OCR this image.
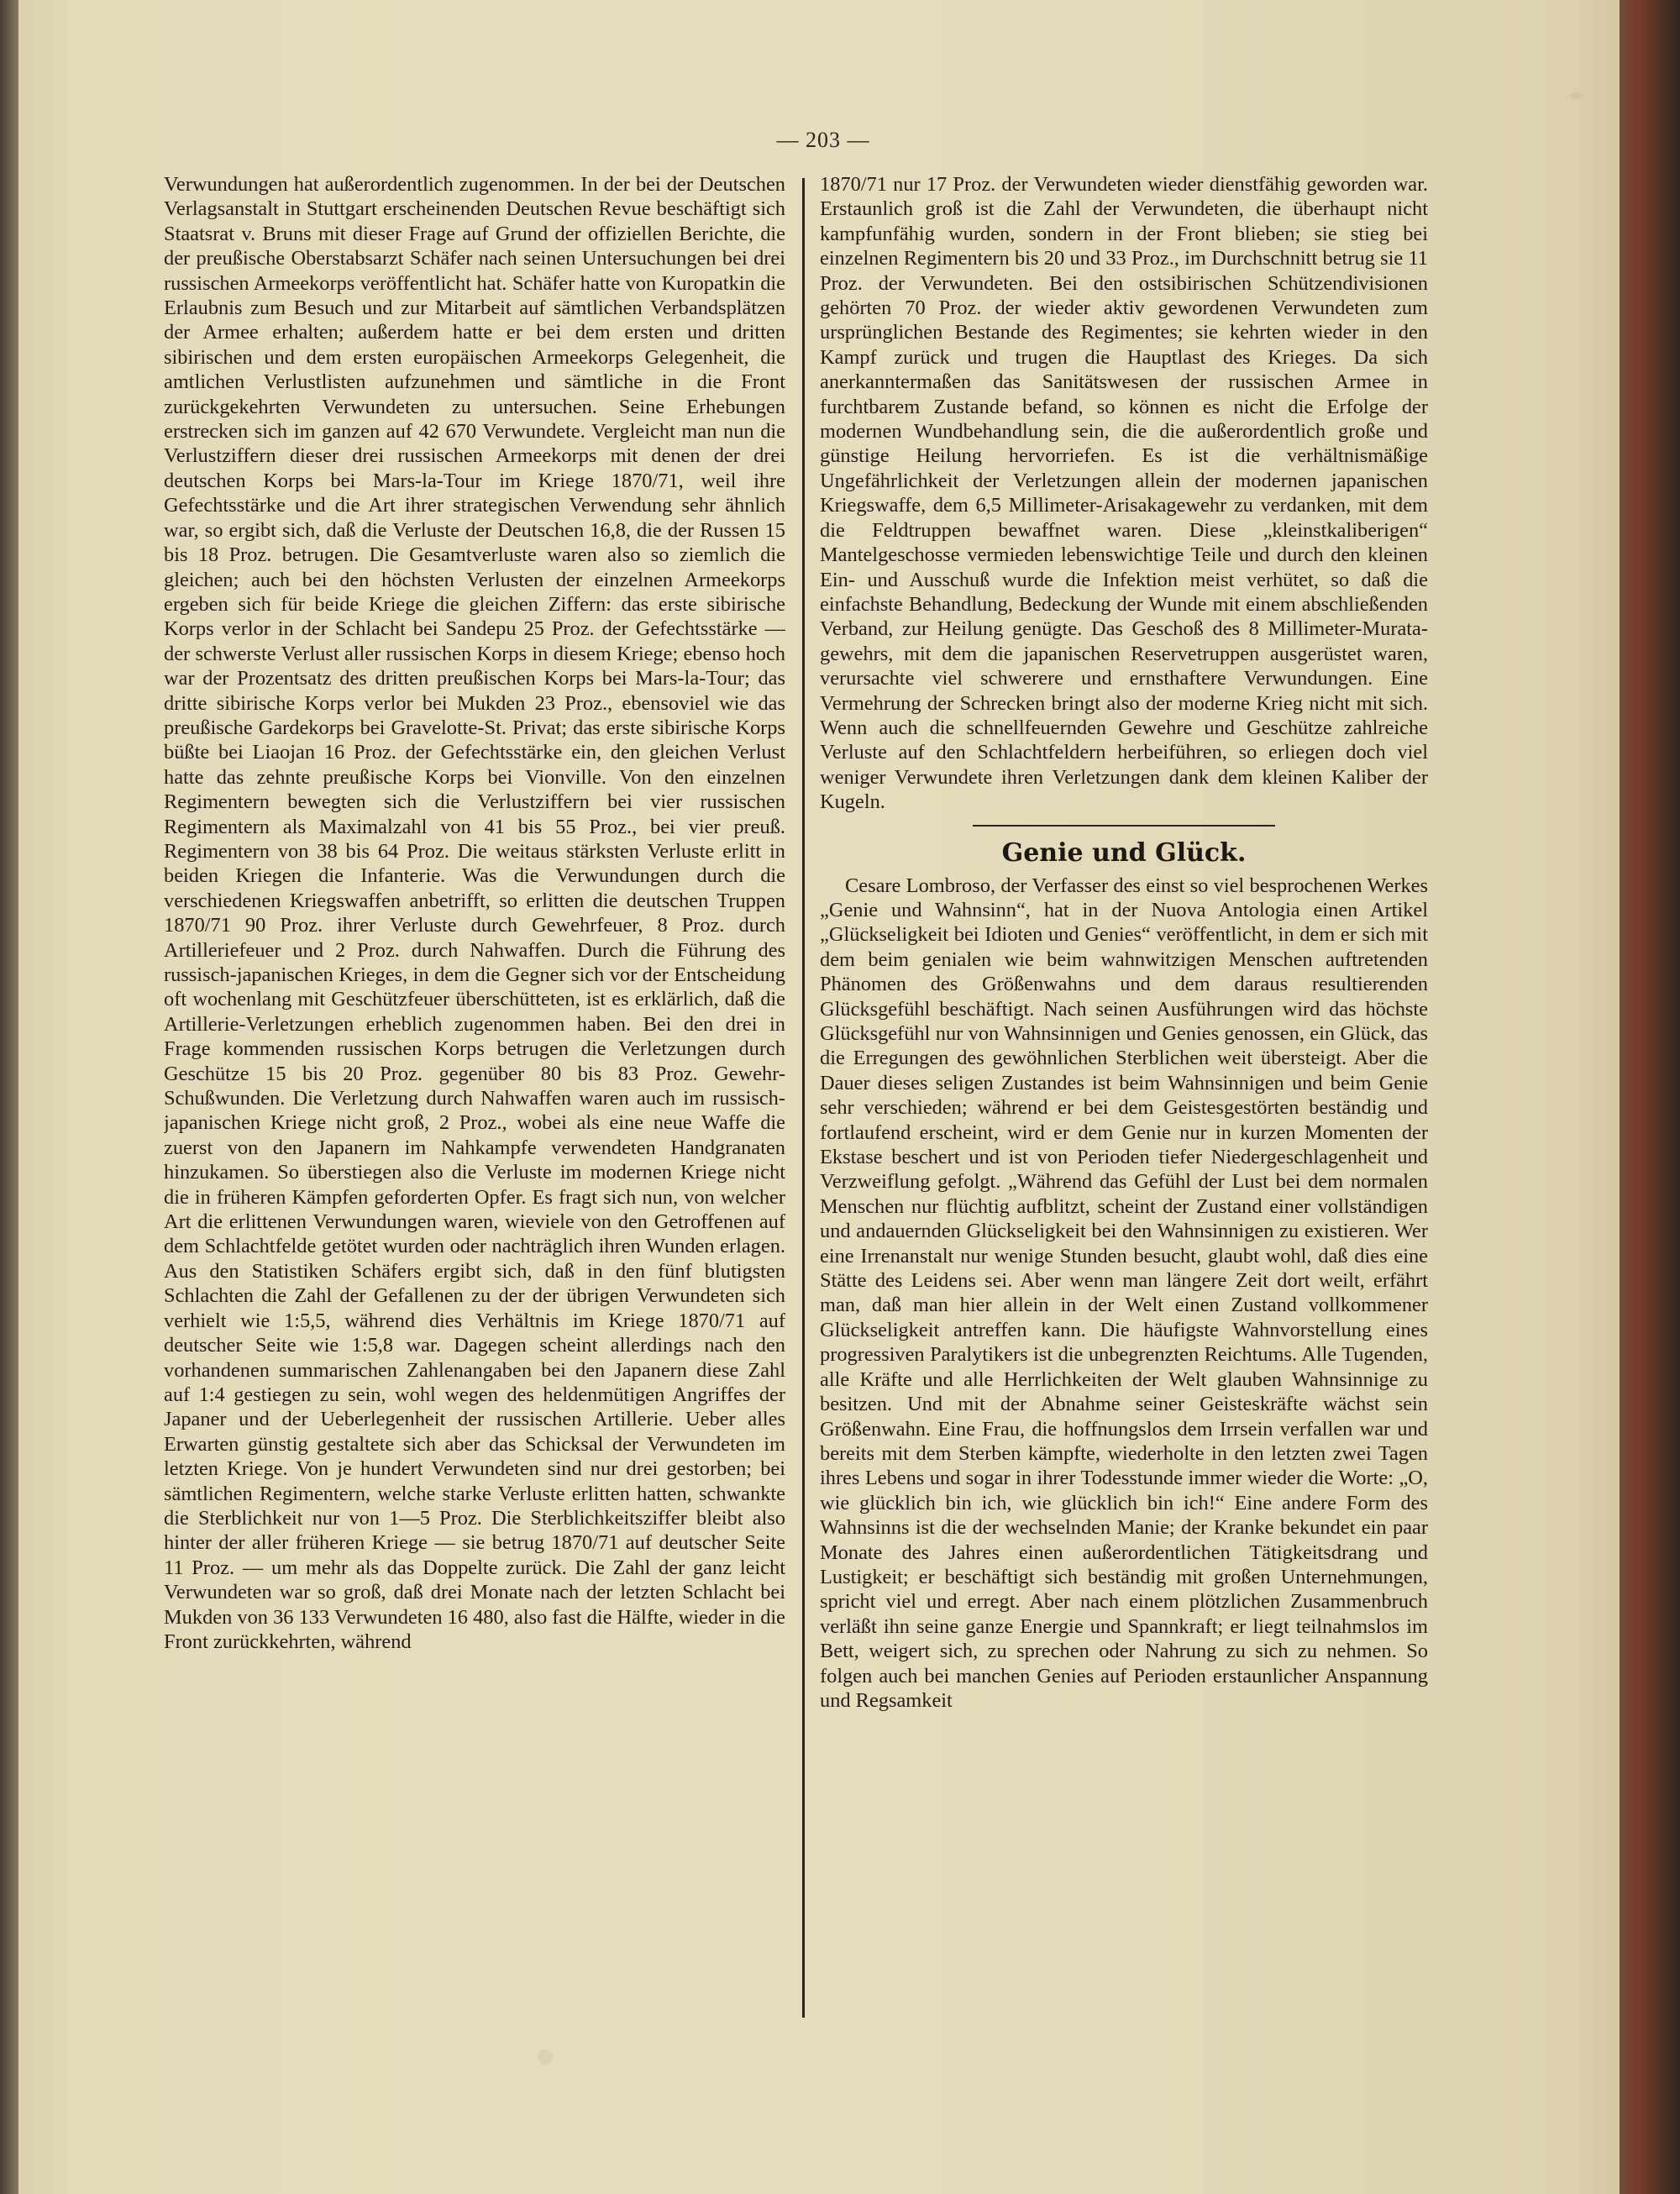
— 203 —

Verwundungen hat außerordentlich zugenommen. In der bei der Deutschen Verlagsanstalt in Stuttgart erscheinenden Deutschen Revue beschäftigt sich Staatsrat v. Bruns mit dieser Frage auf Grund der offiziellen Berichte, die der preußische Oberstabsarzt Schäfer nach seinen Untersuchungen bei drei russischen Armeekorps veröffentlicht hat. Schäfer hatte von Kuropatkin die Erlaubnis zum Besuch und zur Mitarbeit auf sämtlichen Verbandsplätzen der Armee erhalten; außerdem hatte er bei dem ersten und dritten sibirischen und dem ersten europäischen Armeekorps Gelegenheit, die amtlichen Verlustlisten aufzunehmen und sämtliche in die Front zurückgekehrten Verwundeten zu untersuchen. Seine Erhebungen erstrecken sich im ganzen auf 42 670 Verwundete. Vergleicht man nun die Verlustziffern dieser drei russischen Armeekorps mit denen der drei deutschen Korps bei Mars-la-Tour im Kriege 1870/71, weil ihre Gefechtsstärke und die Art ihrer strategischen Verwendung sehr ähnlich war, so ergibt sich, daß die Verluste der Deutschen 16,8, die der Russen 15 bis 18 Proz. betrugen. Die Gesamtverluste waren also so ziemlich die gleichen; auch bei den höchsten Verlusten der einzelnen Armeekorps ergeben sich für beide Kriege die gleichen Ziffern: das erste sibirische Korps verlor in der Schlacht bei Sandepu 25 Proz. der Gefechtsstärke — der schwerste Verlust aller russischen Korps in diesem Kriege; ebenso hoch war der Prozentsatz des dritten preußischen Korps bei Mars-la-Tour; das dritte sibirische Korps verlor bei Mukden 23 Proz., ebensoviel wie das preußische Gardekorps bei Gravelotte-St. Privat; das erste sibirische Korps büßte bei Liaojan 16 Proz. der Gefechtsstärke ein, den gleichen Verlust hatte das zehnte preußische Korps bei Vionville. Von den einzelnen Regimentern bewegten sich die Verlustziffern bei vier russischen Regimentern als Maximalzahl von 41 bis 55 Proz., bei vier preuß. Regimentern von 38 bis 64 Proz. Die weitaus stärksten Verluste erlitt in beiden Kriegen die Infanterie. Was die Verwundungen durch die verschiedenen Kriegswaffen anbetrifft, so erlitten die deutschen Truppen 1870/71 90 Proz. ihrer Verluste durch Gewehrfeuer, 8 Proz. durch Artilleriefeuer und 2 Proz. durch Nahwaffen. Durch die Führung des russisch-japanischen Krieges, in dem die Gegner sich vor der Entscheidung oft wochenlang mit Geschützfeuer überschütteten, ist es erklärlich, daß die Artillerie-Verletzungen erheblich zugenommen haben. Bei den drei in Frage kommenden russischen Korps betrugen die Verletzungen durch Geschütze 15 bis 20 Proz. gegenüber 80 bis 83 Proz. Gewehr-Schußwunden. Die Verletzung durch Nahwaffen waren auch im russisch-japanischen Kriege nicht groß, 2 Proz., wobei als eine neue Waffe die zuerst von den Japanern im Nahkampfe verwendeten Handgranaten hinzukamen. So überstiegen also die Verluste im modernen Kriege nicht die in früheren Kämpfen geforderten Opfer. Es fragt sich nun, von welcher Art die erlittenen Verwundungen waren, wieviele von den Getroffenen auf dem Schlachtfelde getötet wurden oder nachträglich ihren Wunden erlagen. Aus den Statistiken Schäfers ergibt sich, daß in den fünf blutigsten Schlachten die Zahl der Gefallenen zu der der übrigen Verwundeten sich verhielt wie 1:5,5, während dies Verhältnis im Kriege 1870/71 auf deutscher Seite wie 1:5,8 war. Dagegen scheint allerdings nach den vorhandenen summarischen Zahlenangaben bei den Japanern diese Zahl auf 1:4 gestiegen zu sein, wohl wegen des heldenmütigen Angriffes der Japaner und der Ueberlegenheit der russischen Artillerie. Ueber alles Erwarten günstig gestaltete sich aber das Schicksal der Verwundeten im letzten Kriege. Von je hundert Verwundeten sind nur drei gestorben; bei sämtlichen Regimentern, welche starke Verluste erlitten hatten, schwankte die Sterblichkeit nur von 1—5 Proz. Die Sterblichkeitsziffer bleibt also hinter der aller früheren Kriege — sie betrug 1870/71 auf deutscher Seite 11 Proz. — um mehr als das Doppelte zurück. Die Zahl der ganz leicht Verwundeten war so groß, daß drei Monate nach der letzten Schlacht bei Mukden von 36 133 Verwundeten 16 480, also fast die Hälfte, wieder in die Front zurückkehrten, während

1870/71 nur 17 Proz. der Verwundeten wieder dienstfähig geworden war. Erstaunlich groß ist die Zahl der Verwundeten, die überhaupt nicht kampfunfähig wurden, sondern in der Front blieben; sie stieg bei einzelnen Regimentern bis 20 und 33 Proz., im Durchschnitt betrug sie 11 Proz. der Verwundeten. Bei den ostsibirischen Schützendivisionen gehörten 70 Proz. der wieder aktiv gewordenen Verwundeten zum ursprünglichen Bestande des Regimentes; sie kehrten wieder in den Kampf zurück und trugen die Hauptlast des Krieges. Da sich anerkanntermaßen das Sanitätswesen der russischen Armee in furchtbarem Zustande befand, so können es nicht die Erfolge der modernen Wundbehandlung sein, die die außerordentlich große und günstige Heilung hervorriefen. Es ist die verhältnismäßige Ungefährlichkeit der Verletzungen allein der modernen japanischen Kriegswaffe, dem 6,5 Millimeter-Arisakagewehr zu verdanken, mit dem die Feldtruppen bewaffnet waren. Diese „kleinstkaliberigen“ Mantelgeschosse vermieden lebenswichtige Teile und durch den kleinen Ein- und Ausschuß wurde die Infektion meist verhütet, so daß die einfachste Behandlung, Bedeckung der Wunde mit einem abschließenden Verband, zur Heilung genügte. Das Geschoß des 8 Millimeter-Murata-gewehrs, mit dem die japanischen Reservetruppen ausgerüstet waren, verursachte viel schwerere und ernsthaftere Verwundungen. Eine Vermehrung der Schrecken bringt also der moderne Krieg nicht mit sich. Wenn auch die schnellfeuernden Gewehre und Geschütze zahlreiche Verluste auf den Schlachtfeldern herbeiführen, so erliegen doch viel weniger Verwundete ihren Verletzungen dank dem kleinen Kaliber der Kugeln.

Genie und Glück.

Cesare Lombroso, der Verfasser des einst so viel besprochenen Werkes „Genie und Wahnsinn“, hat in der Nuova Antologia einen Artikel „Glückseligkeit bei Idioten und Genies“ veröffentlicht, in dem er sich mit dem beim genialen wie beim wahnwitzigen Menschen auftretenden Phänomen des Größenwahns und dem daraus resultierenden Glücksgefühl beschäftigt. Nach seinen Ausführungen wird das höchste Glücksgefühl nur von Wahnsinnigen und Genies genossen, ein Glück, das die Erregungen des gewöhnlichen Sterblichen weit übersteigt. Aber die Dauer dieses seligen Zustandes ist beim Wahnsinnigen und beim Genie sehr verschieden; während er bei dem Geistesgestörten beständig und fortlaufend erscheint, wird er dem Genie nur in kurzen Momenten der Ekstase beschert und ist von Perioden tiefer Niedergeschlagenheit und Verzweiflung gefolgt. „Während das Gefühl der Lust bei dem normalen Menschen nur flüchtig aufblitzt, scheint der Zustand einer vollständigen und andauernden Glückseligkeit bei den Wahnsinnigen zu existieren. Wer eine Irrenanstalt nur wenige Stunden besucht, glaubt wohl, daß dies eine Stätte des Leidens sei. Aber wenn man längere Zeit dort weilt, erfährt man, daß man hier allein in der Welt einen Zustand vollkommener Glückseligkeit antreffen kann. Die häufigste Wahnvorstellung eines progressiven Paralytikers ist die unbegrenzten Reichtums. Alle Tugenden, alle Kräfte und alle Herrlichkeiten der Welt glauben Wahnsinnige zu besitzen. Und mit der Abnahme seiner Geisteskräfte wächst sein Größenwahn. Eine Frau, die hoffnungslos dem Irrsein verfallen war und bereits mit dem Sterben kämpfte, wiederholte in den letzten zwei Tagen ihres Lebens und sogar in ihrer Todesstunde immer wieder die Worte: „O, wie glücklich bin ich, wie glücklich bin ich!“ Eine andere Form des Wahnsinns ist die der wechselnden Manie; der Kranke bekundet ein paar Monate des Jahres einen außerordentlichen Tätigkeitsdrang und Lustigkeit; er beschäftigt sich beständig mit großen Unternehmungen, spricht viel und erregt. Aber nach einem plötzlichen Zusammenbruch verläßt ihn seine ganze Energie und Spannkraft; er liegt teilnahmslos im Bett, weigert sich, zu sprechen oder Nahrung zu sich zu nehmen. So folgen auch bei manchen Genies auf Perioden erstaunlicher Anspannung und Regsamkeit
